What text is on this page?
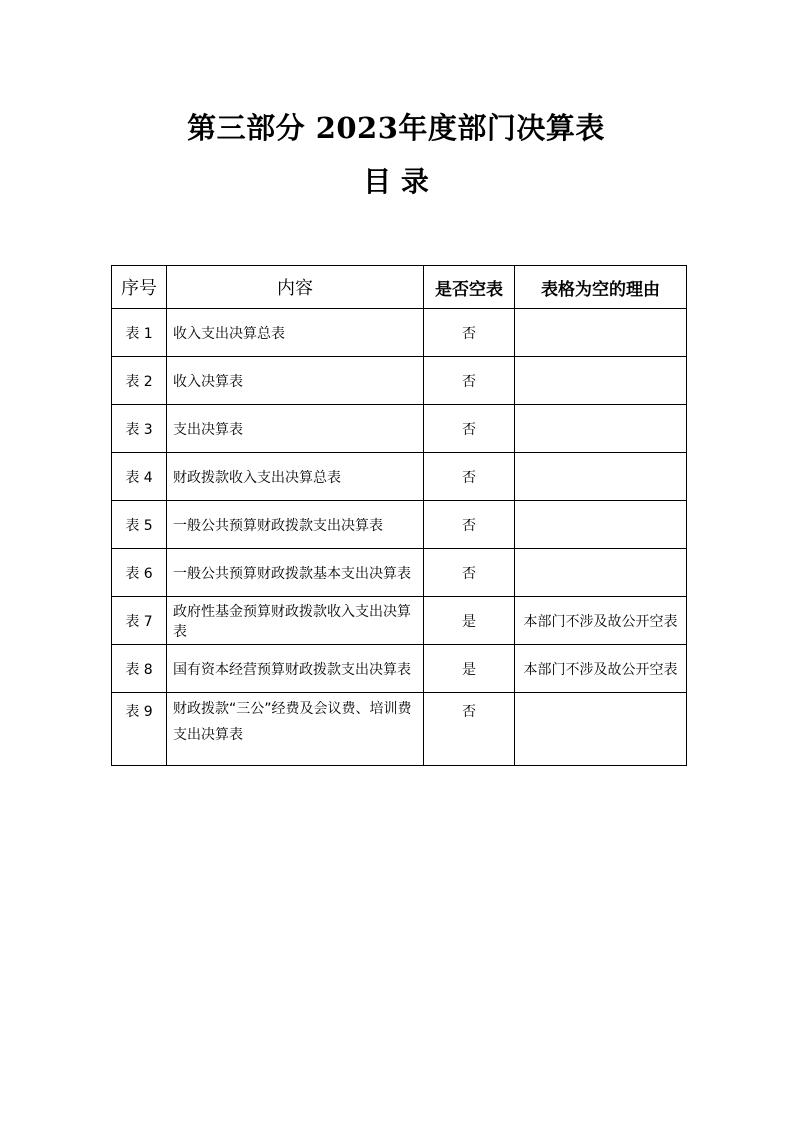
第三部分 2023年度部门决算表
目 录
序号	内容	是否空表	表格为空的理由
表 1	收入支出决算总表	否	
表 2	收入决算表	否	
表 3	支出决算表	否	
表 4	财政拨款收入支出决算总表	否	
表 5	一般公共预算财政拨款支出决算表	否	
表 6	一般公共预算财政拨款基本支出决算表	否	
表 7	政府性基金预算财政拨款收入支出决算表	是	本部门不涉及故公开空表
表 8	国有资本经营预算财政拨款支出决算表	是	本部门不涉及故公开空表
表 9	财政拨款“三公”经费及会议费、培训费支出决算表	否	
